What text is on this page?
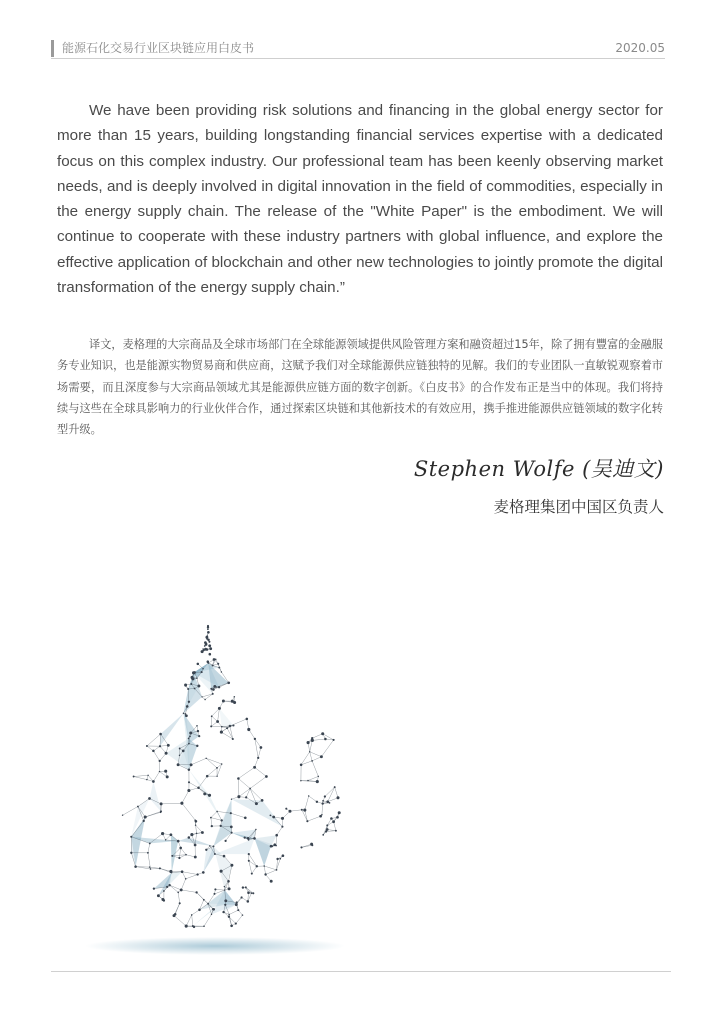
能源石化交易行业区块链应用白皮书	2020.05

We have been providing risk solutions and financing in the global energy sector for more than 15 years, building longstanding financial services expertise with a dedicated focus on this complex industry. Our professional team has been keenly observing market needs, and is deeply involved in digital innovation in the field of commodities, especially in the energy supply chain. The release of the "White Paper" is the embodiment. We will continue to cooperate with these industry partners with global influence, and explore the effective application of blockchain and other new technologies to jointly promote the digital transformation of the energy supply chain.”

译文，麦格理的大宗商品及全球市场部门在全球能源领域提供风险管理方案和融资超过15年，除了拥有豐富的金融服务专业知识，也是能源实物贸易商和供应商，这赋予我们对全球能源供应链独特的见解。我们的专业团队一直敏锐观察着市场需要，而且深度参与大宗商品领域尤其是能源供应链方面的数字创新。《白皮书》的合作发布正是当中的体现。我们将持续与这些在全球具影响力的行业伙伴合作，通过探索区块链和其他新技术的有效应用，携手推进能源供应链领域的数字化转型升级。

Stephen Wolfe (吴迪文)
麦格理集团中国区负责人
